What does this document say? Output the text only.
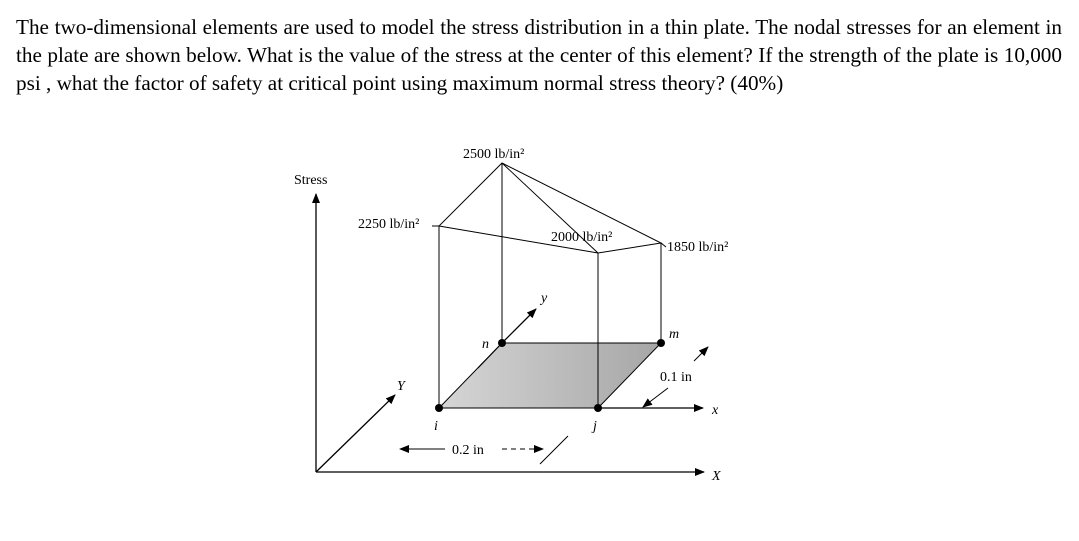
The two-dimensional elements are used to model the stress distribution in a thin plate. The nodal stresses for an element in the plate are shown below. What is the value of the stress at the center of this element? If the strength of the plate is 10,000 psi , what the factor of safety at critical point using maximum normal stress theory? (40%)
y
x
i	j
m
n
0.2 in
0.1 in
2500 lb/in²
2250 lb/in²
2000 lb/in²
1850 lb/in²
Stress
Y
X
